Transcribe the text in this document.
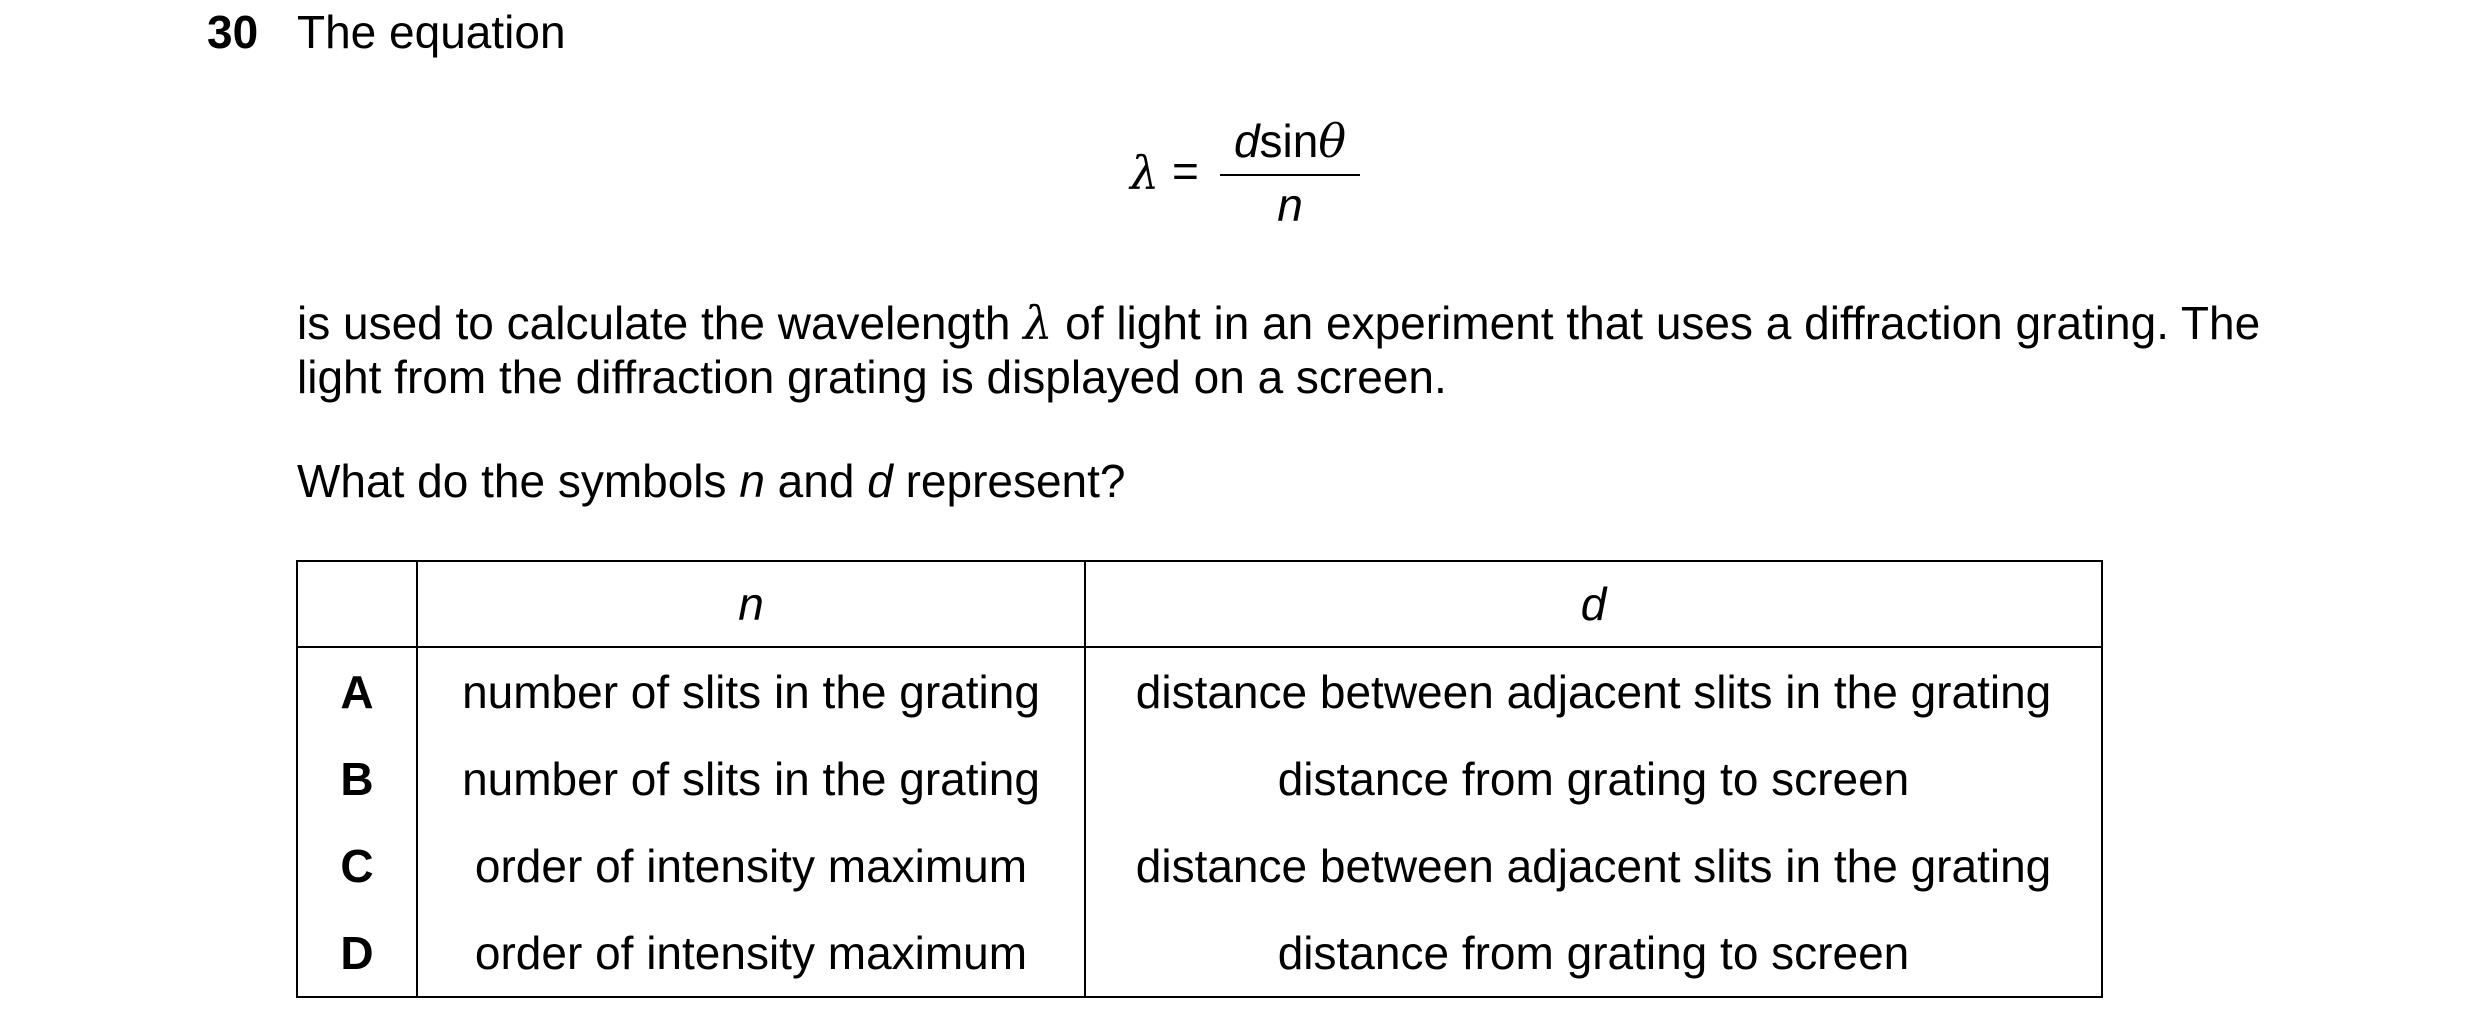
30 The equation
λ =
dsinθ
n
is used to calculate the wavelength λ of light in an experiment that uses a diffraction grating. The light from the diffraction grating is displayed on a screen.
What do the symbols n and d represent?
	n	d
A	number of slits in the grating	distance between adjacent slits in the grating
B	number of slits in the grating	distance from grating to screen
C	order of intensity maximum	distance between adjacent slits in the grating
D	order of intensity maximum	distance from grating to screen
